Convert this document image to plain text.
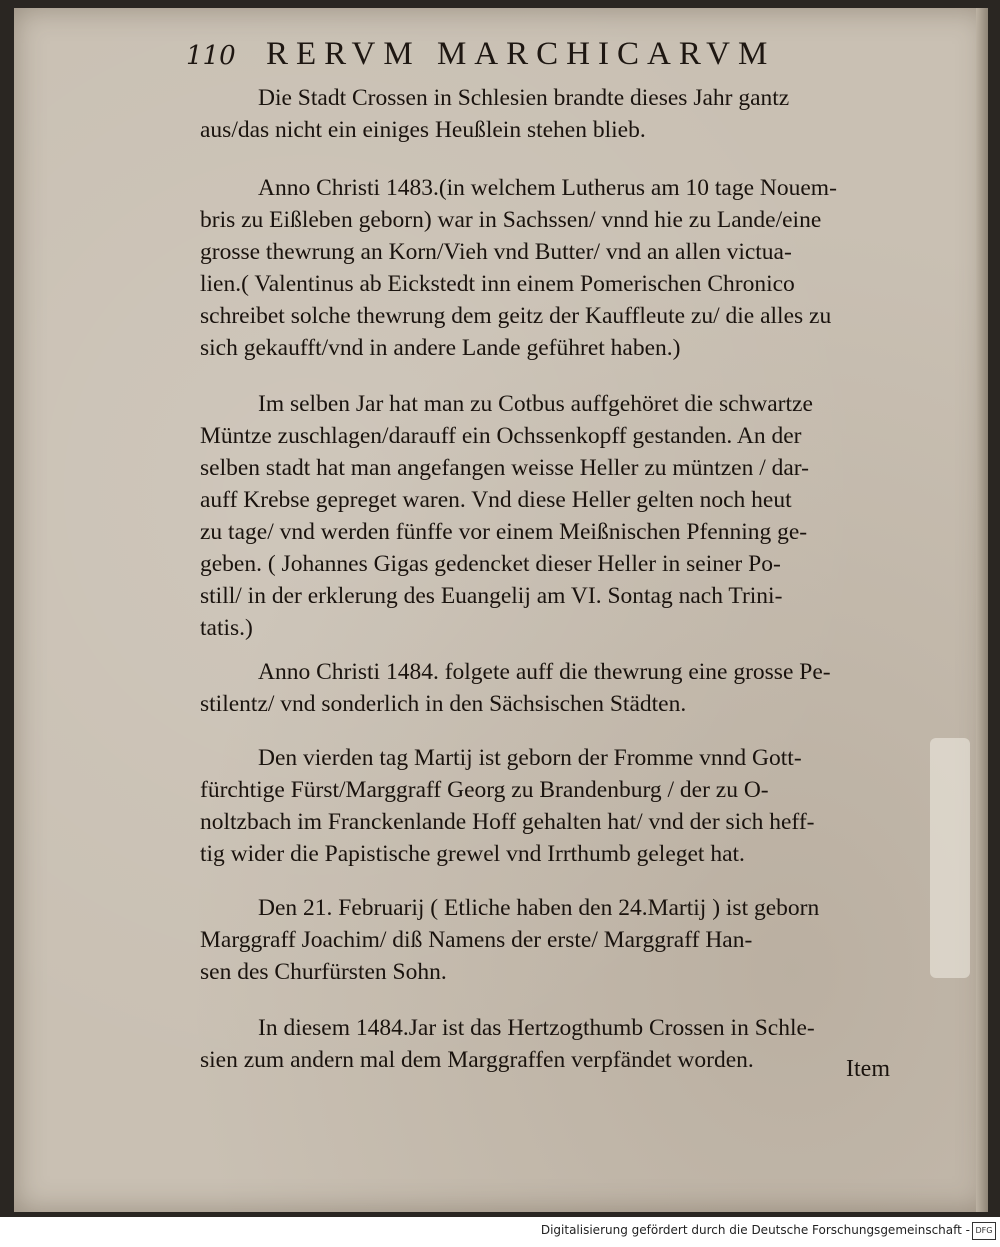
110 RERVM MARCHICARVM
Die Stadt Crossen in Schlesien brandte dieses Jahr gantz
aus/das nicht ein einiges Heußlein stehen blieb.
Anno Christi 1483.(in welchem Lutherus am 10 tage Nouem-
bris zu Eißleben geborn) war in Sachssen/ vnnd hie zu Lande/eine
grosse thewrung an Korn/Vieh vnd Butter/ vnd an allen victua-
lien.( Valentinus ab Eickstedt inn einem Pomerischen Chronico
schreibet solche thewrung dem geitz der Kauffleute zu/ die alles zu
sich gekaufft/vnd in andere Lande geführet haben.)
Im selben Jar hat man zu Cotbus auffgehöret die schwartze
Müntze zuschlagen/darauff ein Ochssenkopff gestanden. An der
selben stadt hat man angefangen weisse Heller zu müntzen / dar-
auff Krebse gepreget waren. Vnd diese Heller gelten noch heut
zu tage/ vnd werden fünffe vor einem Meißnischen Pfenning ge-
geben. ( Johannes Gigas gedencket dieser Heller in seiner Po-
still/ in der erklerung des Euangelij am VI. Sontag nach Trini-
tatis.)
Anno Christi 1484. folgete auff die thewrung eine grosse Pe-
stilentz/ vnd sonderlich in den Sächsischen Städten.
Den vierden tag Martij ist geborn der Fromme vnnd Gott-
fürchtige Fürst/Marggraff Georg zu Brandenburg / der zu O-
noltzbach im Franckenlande Hoff gehalten hat/ vnd der sich heff-
tig wider die Papistische grewel vnd Irrthumb geleget hat.
Den 21. Februarij ( Etliche haben den 24.Martij ) ist geborn
Marggraff Joachim/ diß Namens der erste/ Marggraff Han-
sen des Churfürsten Sohn.
In diesem 1484.Jar ist das Hertzogthumb Crossen in Schle-
sien zum andern mal dem Marggraffen verpfändet worden.	Item
Digitalisierung gefördert durch die Deutsche Forschungsgemeinschaft - DFG
